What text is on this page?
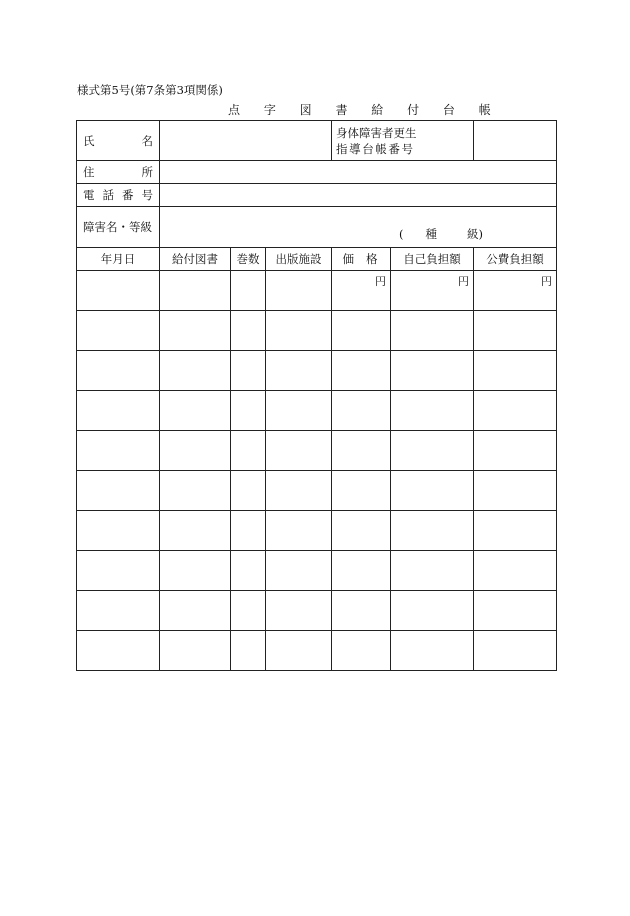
様式第5号(第7条第3項関係)
点 字 図 書 給 付 台 帳
氏 名				身体障害者更生
指導台帳番号		

住 所						

電 話 番 号						

障害名・等級	( 種 級)					

年月日	給付図書	巻数	出版施設	価格	自己負担額	公費負担額
				円	円	円
